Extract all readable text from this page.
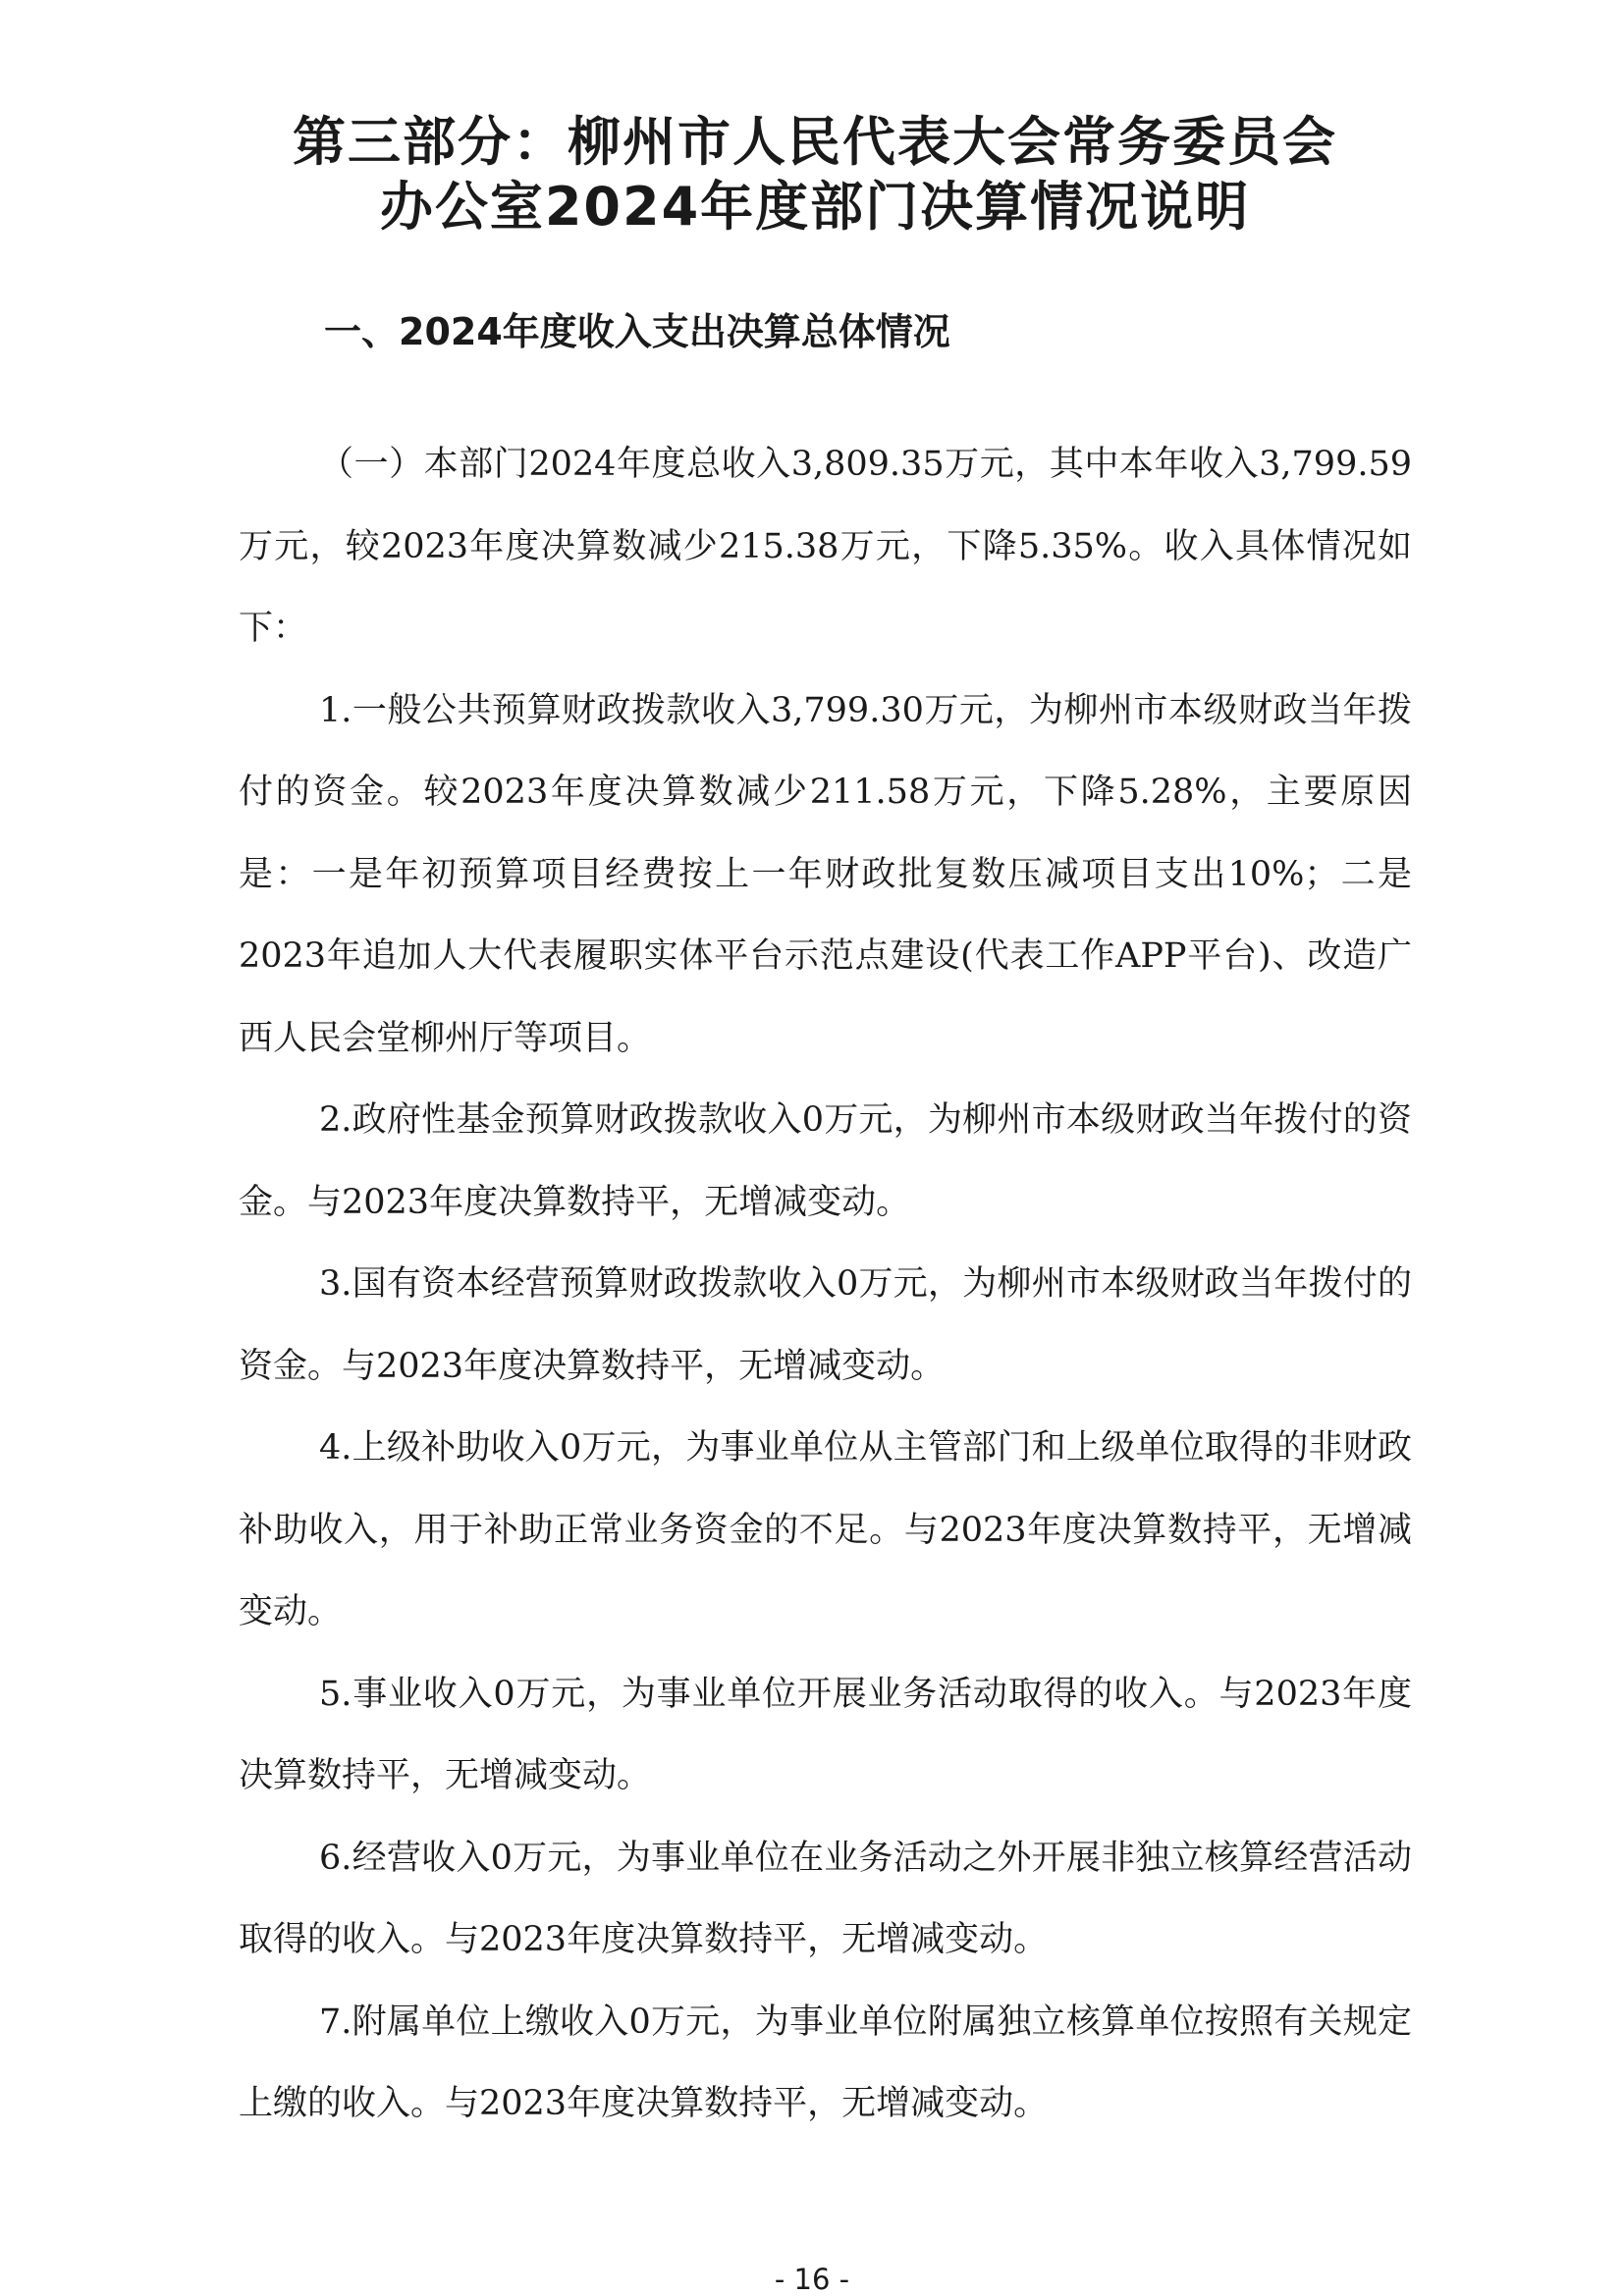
第三部分：柳州市人民代表大会常务委员会
办公室2024年度部门决算情况说明
一、2024年度收入支出决算总体情况

（一）本部门2024年度总收入3,809.35万元，其中本年收入3,799.59万元，较2023年度决算数减少215.38万元，下降5.35%。收入具体情况如下：

1.一般公共预算财政拨款收入3,799.30万元，为柳州市本级财政当年拨付的资金。较2023年度决算数减少211.58万元，下降5.28%，主要原因是：一是年初预算项目经费按上一年财政批复数压减项目支出10%；二是2023年追加人大代表履职实体平台示范点建设(代表工作APP平台)、改造广西人民会堂柳州厅等项目。

2.政府性基金预算财政拨款收入0万元，为柳州市本级财政当年拨付的资金。与2023年度决算数持平，无增减变动。

3.国有资本经营预算财政拨款收入0万元，为柳州市本级财政当年拨付的资金。与2023年度决算数持平，无增减变动。

4.上级补助收入0万元，为事业单位从主管部门和上级单位取得的非财政补助收入，用于补助正常业务资金的不足。与2023年度决算数持平，无增减变动。

5.事业收入0万元，为事业单位开展业务活动取得的收入。与2023年度决算数持平，无增减变动。

6.经营收入0万元，为事业单位在业务活动之外开展非独立核算经营活动取得的收入。与2023年度决算数持平，无增减变动。

7.附属单位上缴收入0万元，为事业单位附属独立核算单位按照有关规定上缴的收入。与2023年度决算数持平，无增减变动。

- 16 -
